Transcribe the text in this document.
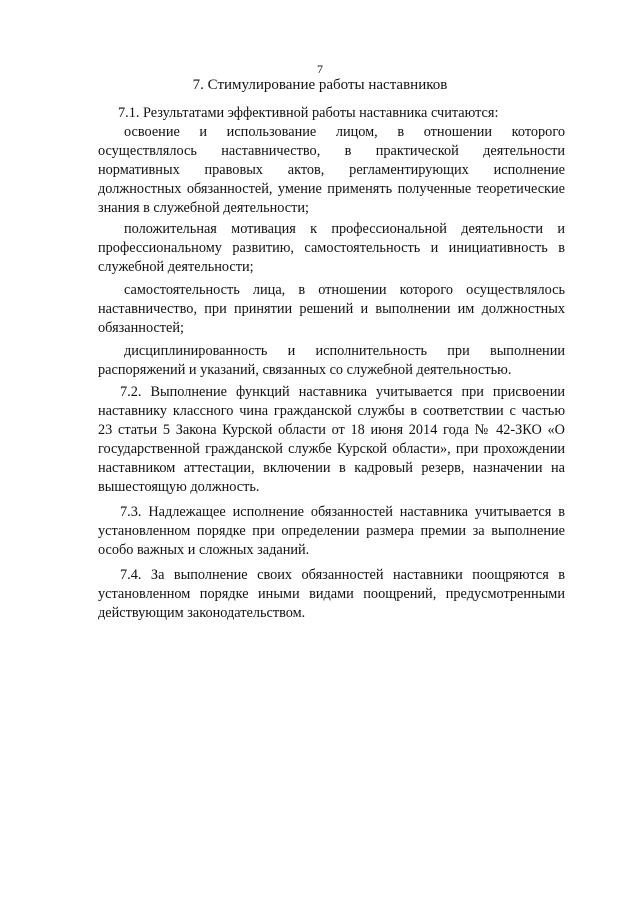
7
7. Стимулирование работы наставников

7.1. Результатами эффективной работы наставника считаются:

освоение и использование лицом, в отношении которого осуществлялось наставничество, в практической деятельности нормативных правовых актов, регламентирующих исполнение должностных обязанностей, умение применять полученные теоретические знания в служебной деятельности;

положительная мотивация к профессиональной деятельности и профессиональному развитию, самостоятельность и инициативность в служебной деятельности;

самостоятельность лица, в отношении которого осуществлялось наставничество, при принятии решений и выполнении им должностных обязанностей;

дисциплинированность и исполнительность при выполнении распоряжений и указаний, связанных со служебной деятельностью.

7.2. Выполнение функций наставника учитывается при присвоении наставнику классного чина гражданской службы в соответствии с частью 23 статьи 5 Закона Курской области от 18 июня 2014 года № 42-ЗКО «О государственной гражданской службе Курской области», при прохождении наставником аттестации, включении в кадровый резерв, назначении на вышестоящую должность.

7.3. Надлежащее исполнение обязанностей наставника учитывается в установленном порядке при определении размера премии за выполнение особо важных и сложных заданий.

7.4. За выполнение своих обязанностей наставники поощряются в установленном порядке иными видами поощрений, предусмотренными действующим законодательством.
